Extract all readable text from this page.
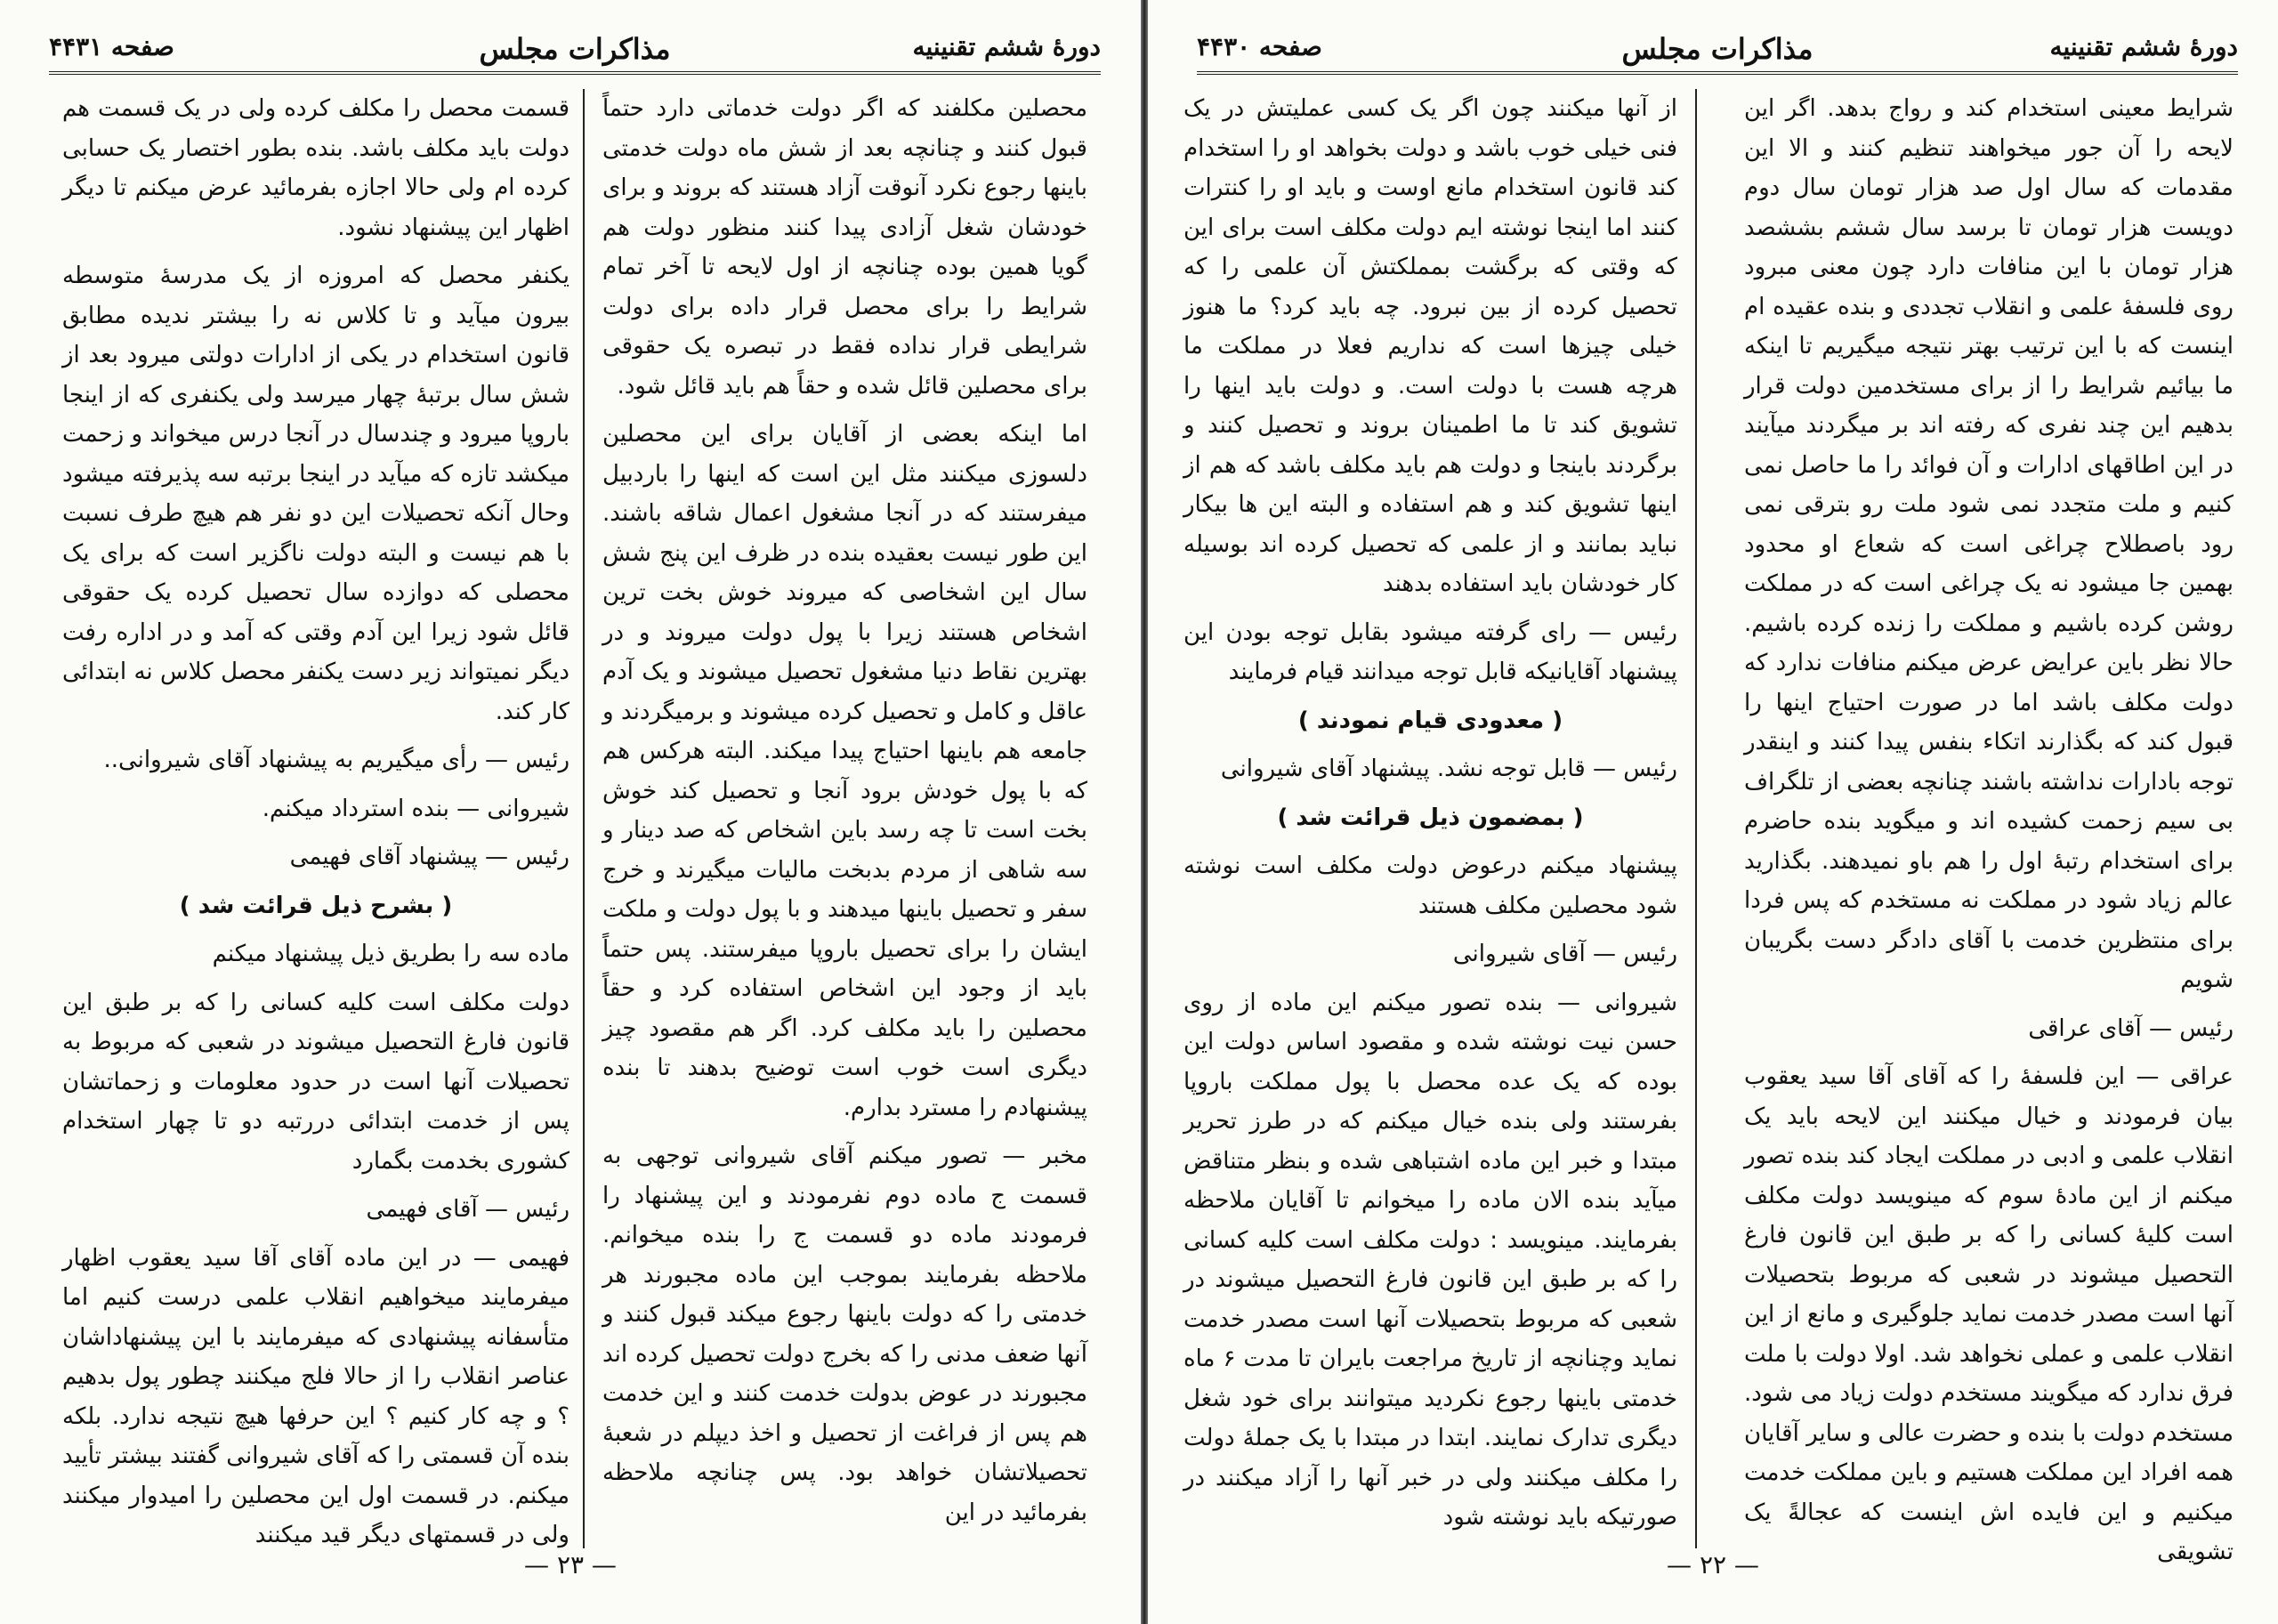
دورهٔ ششم تقنینیه
مذاکرات مجلس
صفحه ۴۴۳۱

محصلین مکلفند که اگر دولت خدماتی دارد حتماً قبول کنند و چنانچه بعد از شش ماه دولت خدمتی باینها رجوع نکرد آنوقت آزاد هستند که بروند و برای خودشان شغل آزادی پیدا کنند منظور دولت هم گویا همین بوده چنانچه از اول لایحه تا آخر تمام شرایط را برای محصل قرار داده برای دولت شرایطی قرار نداده فقط در تبصره یک حقوقی برای محصلین قائل شده و حقاً هم باید قائل شود.

اما اینکه بعضی از آقایان برای این محصلین دلسوزی میکنند مثل این است که اینها را باردبیل میفرستند که در آنجا مشغول اعمال شاقه باشند. این طور نیست بعقیده بنده در ظرف این پنج شش سال این اشخاصی که میروند خوش بخت ترین اشخاص هستند زیرا با پول دولت میروند و در بهترین نقاط دنیا مشغول تحصیل میشوند و یک آدم عاقل و کامل و تحصیل کرده میشوند و برمیگردند و جامعه هم باینها احتیاج پیدا میکند. البته هرکس هم که با پول خودش برود آنجا و تحصیل کند خوش بخت است تا چه رسد باین اشخاص که صد دینار و سه شاهی از مردم بدبخت مالیات میگیرند و خرج سفر و تحصیل باینها میدهند و با پول دولت و ملکت ایشان را برای تحصیل باروپا میفرستند. پس حتماً باید از وجود این اشخاص استفاده کرد و حقاً محصلین را باید مکلف کرد. اگر هم مقصود چیز دیگری است خوب است توضیح بدهند تا بنده پیشنهادم را مسترد بدارم.

مخبر — تصور میکنم آقای شیروانی توجهی به قسمت ج ماده دوم نفرمودند و این پیشنهاد را فرمودند ماده دو قسمت ج را بنده میخوانم. ملاحظه بفرمایند بموجب این ماده مجبورند هر خدمتی را که دولت باینها رجوع میکند قبول کنند و آنها ضعف مدنی را که بخرج دولت تحصیل کرده اند مجبورند در عوض بدولت خدمت کنند و این خدمت هم پس از فراغت از تحصیل و اخذ دیپلم در شعبهٔ تحصیلاتشان خواهد بود. پس چنانچه ملاحظه بفرمائید در این

قسمت محصل را مکلف کرده ولی در یک قسمت هم دولت باید مکلف باشد. بنده بطور اختصار یک حسابی کرده ام ولی حالا اجازه بفرمائید عرض میکنم تا دیگر اظهار این پیشنهاد نشود.

یکنفر محصل که امروزه از یک مدرسهٔ متوسطه بیرون میآید و تا کلاس نه را بیشتر ندیده مطابق قانون استخدام در یکی از ادارات دولتی میرود بعد از شش سال برتبهٔ چهار میرسد ولی یکنفری که از اینجا باروپا میرود و چندسال در آنجا درس میخواند و زحمت میکشد تازه که میآید در اینجا برتبه سه پذیرفته میشود وحال آنکه تحصیلات این دو نفر هم هیچ طرف نسبت با هم نیست و البته دولت ناگزیر است که برای یک محصلی که دوازده سال تحصیل کرده یک حقوقی قائل شود زیرا این آدم وقتی که آمد و در اداره رفت دیگر نمیتواند زیر دست یکنفر محصل کلاس نه ابتدائی کار کند.

رئیس — رأی میگیریم به پیشنهاد آقای شیروانی..

شیروانی — بنده استرداد میکنم.

رئیس — پیشنهاد آقای فهیمی

( بشرح ذیل قرائت شد )

ماده سه را بطریق ذیل پیشنهاد میکنم

دولت مکلف است کلیه کسانی را که بر طبق این قانون فارغ التحصیل میشوند در شعبی که مربوط به تحصیلات آنها است در حدود معلومات و زحماتشان پس از خدمت ابتدائی دررتبه دو تا چهار استخدام کشوری بخدمت بگمارد

رئیس — آقای فهیمی

فهیمی — در این ماده آقای آقا سید یعقوب اظهار میفرمایند میخواهیم انقلاب علمی درست کنیم اما متأسفانه پیشنهادی که میفرمایند با این پیشنهاداشان عناصر انقلاب را از حالا فلج میکنند چطور پول بدهیم ؟ و چه کار کنیم ؟ این حرفها هیچ نتیجه ندارد. بلکه بنده آن قسمتی را که آقای شیروانی گفتند بیشتر تأیید میکنم. در قسمت اول این محصلین را امیدوار میکنند ولی در قسمتهای دیگر قید میکنند

— ۲۳ —
دورهٔ ششم تقنینیه
مذاکرات مجلس
صفحه ۴۴۳۰

شرایط معینی استخدام کند و رواج بدهد. اگر این لایحه را آن جور میخواهند تنظیم کنند و الا این مقدمات که سال اول صد هزار تومان سال دوم دویست هزار تومان تا برسد سال ششم بششصد هزار تومان با این منافات دارد چون معنی مبرود روی فلسفهٔ علمی و انقلاب تجددی و بنده عقیده ام اینست که با این ترتیب بهتر نتیجه میگیریم تا اینکه ما بیائیم شرایط را از برای مستخدمین دولت قرار بدهیم این چند نفری که رفته اند بر میگردند میآیند در این اطاقهای ادارات و آن فوائد را ما حاصل نمی کنیم و ملت متجدد نمی شود ملت رو بترقی نمی رود باصطلاح چراغی است که شعاع او محدود بهمین جا میشود نه یک چراغی است که در مملکت روشن کرده باشیم و مملکت را زنده کرده باشیم. حالا نظر باین عرایض عرض میکنم منافات ندارد که دولت مکلف باشد اما در صورت احتیاج اینها را قبول کند که بگذارند اتکاء بنفس پیدا کنند و اینقدر توجه بادارات نداشته باشند چنانچه بعضی از تلگراف بی سیم زحمت کشیده اند و میگوید بنده حاضرم برای استخدام رتبهٔ اول را هم باو نمیدهند. بگذارید عالم زیاد شود در مملکت نه مستخدم که پس فردا برای منتظرین خدمت با آقای دادگر دست بگریبان شویم

رئیس — آقای عراقی

عراقی — این فلسفهٔ را که آقای آقا سید یعقوب بیان فرمودند و خیال میکنند این لایحه باید یک انقلاب علمی و ادبی در مملکت ایجاد کند بنده تصور میکنم از این مادهٔ سوم که مینویسد دولت مکلف است کلیهٔ کسانی را که بر طبق این قانون فارغ التحصیل میشوند در شعبی که مربوط بتحصیلات آنها است مصدر خدمت نماید جلوگیری و مانع از این انقلاب علمی و عملی نخواهد شد. اولا دولت با ملت فرق ندارد که میگویند مستخدم دولت زیاد می شود. مستخدم دولت با بنده و حضرت عالی و سایر آقایان همه افراد این مملکت هستیم و باین مملکت خدمت میکنیم و این فایده اش اینست که عجالةً یک تشویقی

از آنها میکنند چون اگر یک کسی عملیتش در یک فنی خیلی خوب باشد و دولت بخواهد او را استخدام کند قانون استخدام مانع اوست و باید او را کنترات کنند اما اینجا نوشته ایم دولت مکلف است برای این که وقتی که برگشت بمملکتش آن علمی را که تحصیل کرده از بین نبرود. چه باید کرد؟ ما هنوز خیلی چیزها است که نداریم فعلا در مملکت ما هرچه هست با دولت است. و دولت باید اینها را تشویق کند تا ما اطمینان بروند و تحصیل کنند و برگردند باینجا و دولت هم باید مکلف باشد که هم از اینها تشویق کند و هم استفاده و البته این ها بیکار نباید بمانند و از علمی که تحصیل کرده اند بوسیله کار خودشان باید استفاده بدهند

رئیس — رای گرفته میشود بقابل توجه بودن این پیشنهاد آقایانیکه قابل توجه میدانند قیام فرمایند

( معدودی قیام نمودند )

رئیس — قابل توجه نشد. پیشنهاد آقای شیروانی

( بمضمون ذیل قرائت شد )

پیشنهاد میکنم درعوض دولت مکلف است نوشته شود محصلین مکلف هستند

رئیس — آقای شیروانی

شیروانی — بنده تصور میکنم این ماده از روی حسن نیت نوشته شده و مقصود اساس دولت این بوده که یک عده محصل با پول مملکت باروپا بفرستند ولی بنده خیال میکنم که در طرز تحریر مبتدا و خبر این ماده اشتباهی شده و بنظر متناقض میآید بنده الان ماده را میخوانم تا آقایان ملاحظه بفرمایند. مینویسد : دولت مکلف است کلیه کسانی را که بر طبق این قانون فارغ التحصیل میشوند در شعبی که مربوط بتحصیلات آنها است مصدر خدمت نماید وچنانچه از تاریخ مراجعت بایران تا مدت ۶ ماه خدمتی باینها رجوع نکردید میتوانند برای خود شغل دیگری تدارک نمایند. ابتدا در مبتدا با یک جملهٔ دولت را مکلف میکنند ولی در خبر آنها را آزاد میکنند در صورتیکه باید نوشته شود

— ۲۲ —
